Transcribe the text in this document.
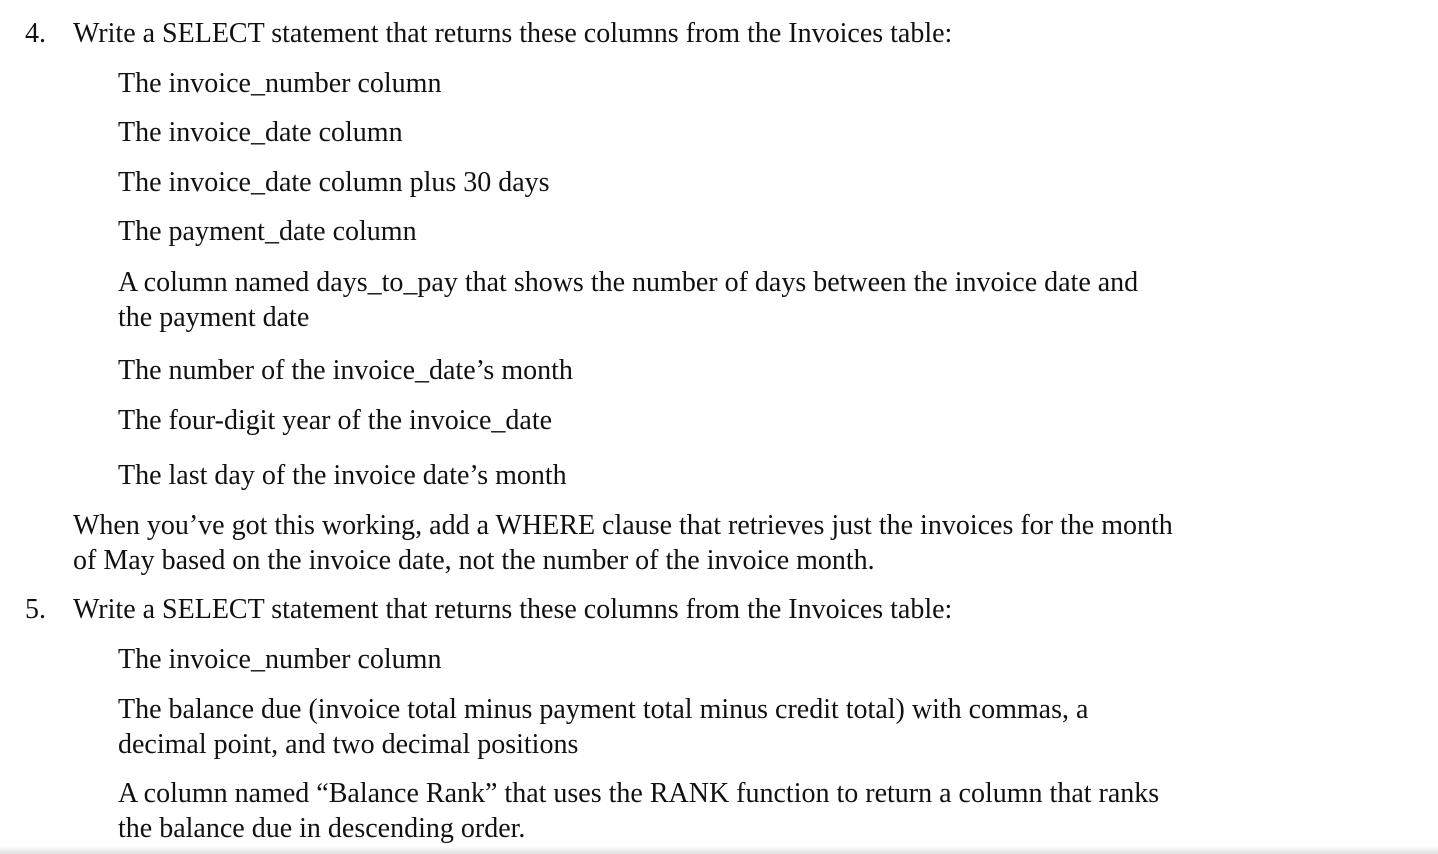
4. Write a SELECT statement that returns these columns from the Invoices table:
The invoice_number column
The invoice_date column
The invoice_date column plus 30 days
The payment_date column
A column named days_to_pay that shows the number of days between the invoice date and the payment date
The number of the invoice_date’s month
The four-digit year of the invoice_date
The last day of the invoice date’s month
When you’ve got this working, add a WHERE clause that retrieves just the invoices for the month of May based on the invoice date, not the number of the invoice month.
5. Write a SELECT statement that returns these columns from the Invoices table:
The invoice_number column
The balance due (invoice total minus payment total minus credit total) with commas, a decimal point, and two decimal positions
A column named “Balance Rank” that uses the RANK function to return a column that ranks the balance due in descending order.
